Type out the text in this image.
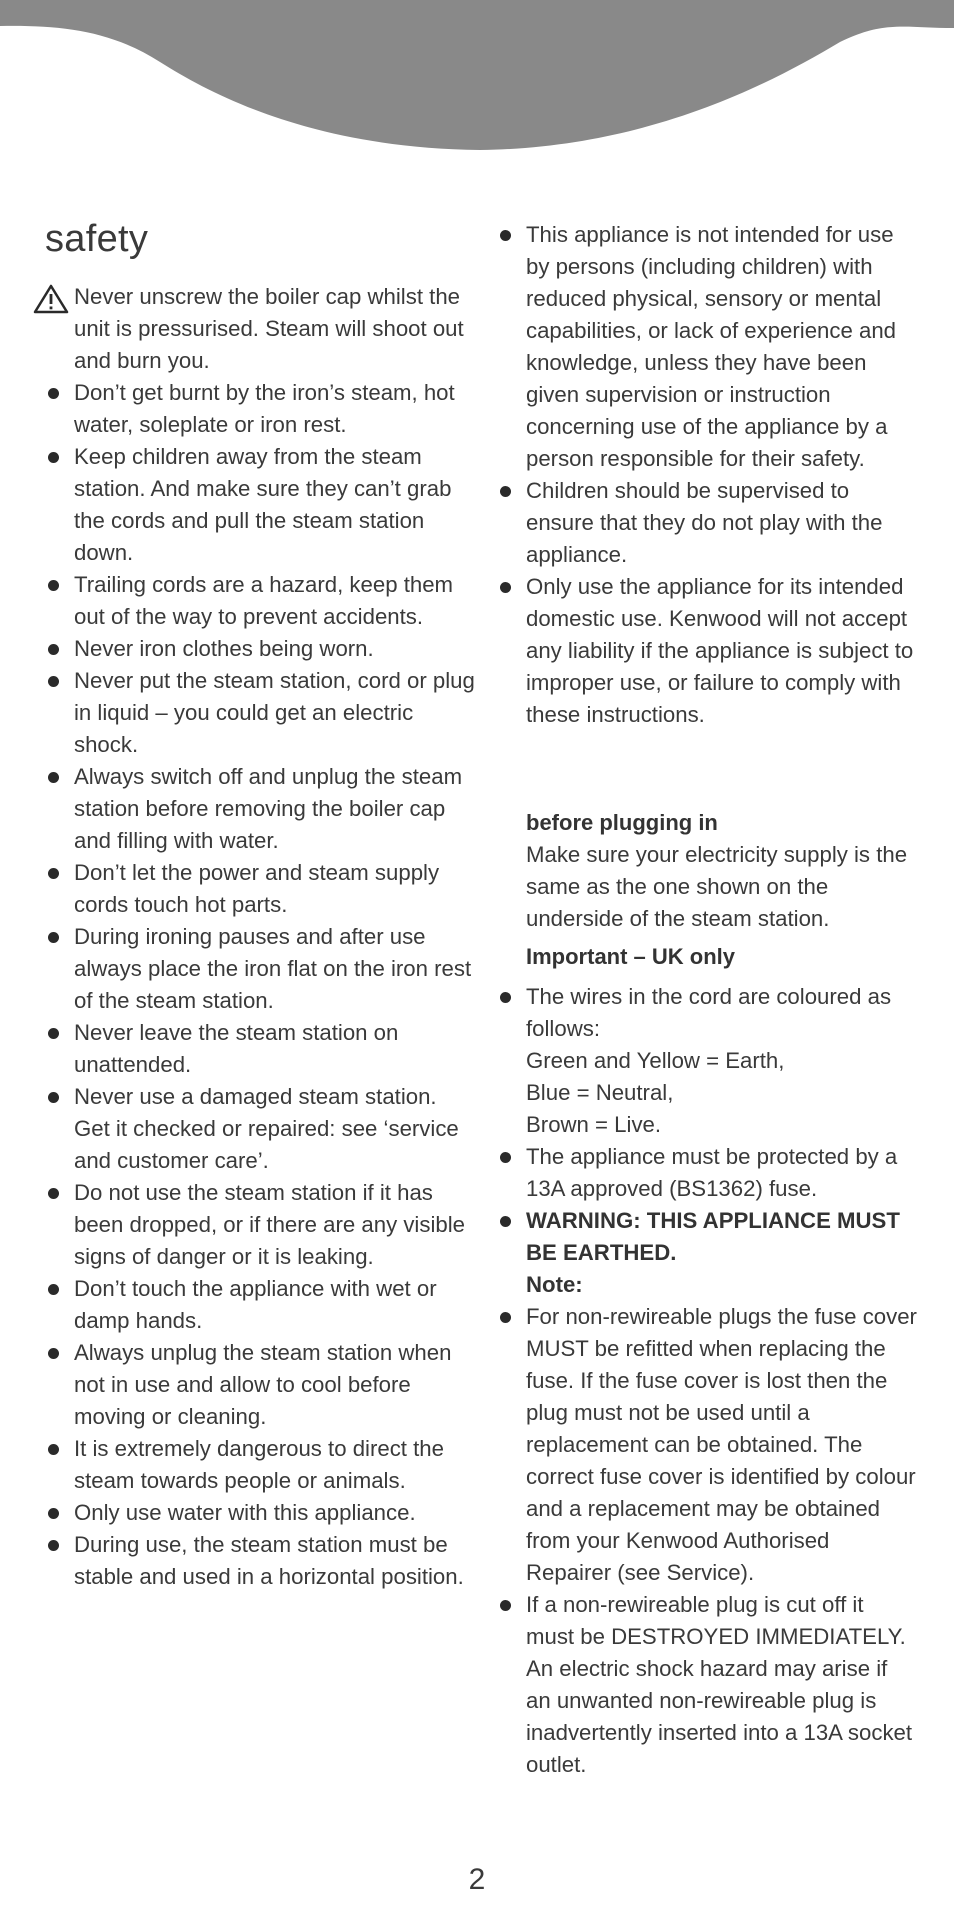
safety
Never unscrew the boiler cap whilst the unit is pressurised. Steam will shoot out and burn you.
Don’t get burnt by the iron’s steam, hot water, soleplate or iron rest.
Keep children away from the steam station. And make sure they can’t grab the cords and pull the steam station down.
Trailing cords are a hazard, keep them out of the way to prevent accidents.
Never iron clothes being worn.
Never put the steam station, cord or plug in liquid – you could get an electric shock.
Always switch off and unplug the steam station before removing the boiler cap and filling with water.
Don’t let the power and steam supply cords touch hot parts.
During ironing pauses and after use always place the iron flat on the iron rest of the steam station.
Never leave the steam station on unattended.
Never use a damaged steam station. Get it checked or repaired: see ‘service and customer care’.
Do not use the steam station if it has been dropped, or if there are any visible signs of danger or it is leaking.
Don’t touch the appliance with wet or damp hands.
Always unplug the steam station when not in use and allow to cool before moving or cleaning.
It is extremely dangerous to direct the steam towards people or animals.
Only use water with this appliance.
During use, the steam station must be stable and used in a horizontal position.
This appliance is not intended for use by persons (including children) with reduced physical, sensory or mental capabilities, or lack of experience and knowledge, unless they have been given supervision or instruction concerning use of the appliance by a person responsible for their safety.
Children should be supervised to ensure that they do not play with the appliance.
Only use the appliance for its intended domestic use. Kenwood will not accept any liability if the appliance is subject to improper use, or failure to comply with these instructions.
before plugging in

Make sure your electricity supply is the same as the one shown on the underside of the steam station.

Important – UK only
The wires in the cord are coloured as follows:
Green and Yellow = Earth,
Blue = Neutral,
Brown = Live.
The appliance must be protected by a 13A approved (BS1362) fuse.
WARNING: THIS APPLIANCE MUST BE EARTHED.
Note:
For non-rewireable plugs the fuse cover MUST be refitted when replacing the fuse. If the fuse cover is lost then the plug must not be used until a replacement can be obtained. The correct fuse cover is identified by colour and a replacement may be obtained from your Kenwood Authorised Repairer (see Service).
If a non-rewireable plug is cut off it must be DESTROYED IMMEDIATELY. An electric shock hazard may arise if an unwanted non-rewireable plug is inadvertently inserted into a 13A socket outlet.
2
